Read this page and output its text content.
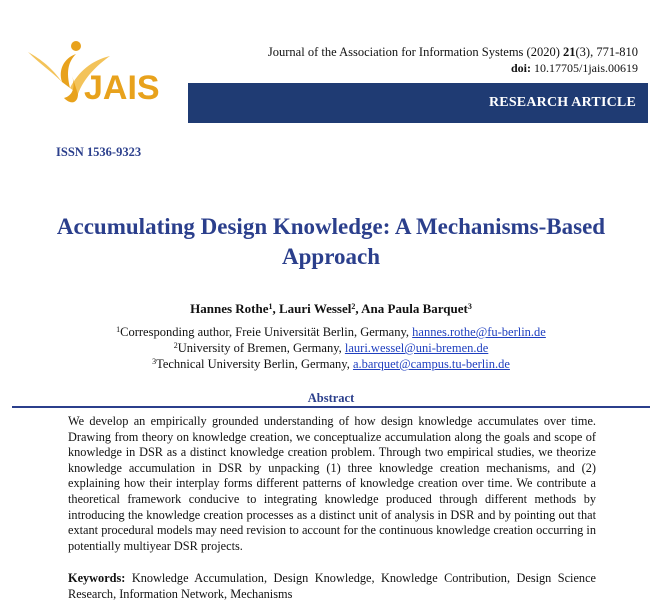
JAIS
Journal of the Association for Information Systems (2020) 21(3), 771-810
doi: 10.17705/1jais.00619
RESEARCH ARTICLE
ISSN 1536-9323
Accumulating Design Knowledge: A Mechanisms-Based
Approach
Hannes Rothe$^1$, Lauri Wessel$^2$, Ana Paula Barquet$^3$
$^1$Corresponding author, Freie Universität Berlin, Germany, hannes.rothe@fu-berlin.de
$^2$University of Bremen, Germany, lauri.wessel@uni-bremen.de
$^3$Technical University Berlin, Germany, a.barquet@campus.tu-berlin.de
Abstract
We develop an empirically grounded understanding of how design knowledge accumulates over time. Drawing from theory on knowledge creation, we conceptualize accumulation along the goals and scope of knowledge in DSR as a distinct knowledge creation problem. Through two empirical studies, we theorize knowledge accumulation in DSR by unpacking (1) three knowledge creation mechanisms, and (2) explaining how their interplay forms different patterns of knowledge creation over time. We contribute a theoretical framework conducive to integrating knowledge produced through different methods by introducing the knowledge creation processes as a distinct unit of analysis in DSR and by pointing out that extant procedural models may need revision to account for the continuous knowledge creation occurring in potentially multiyear DSR projects.
Keywords: Knowledge Accumulation, Design Knowledge, Knowledge Contribution, Design Science Research, Information Network, Mechanisms
